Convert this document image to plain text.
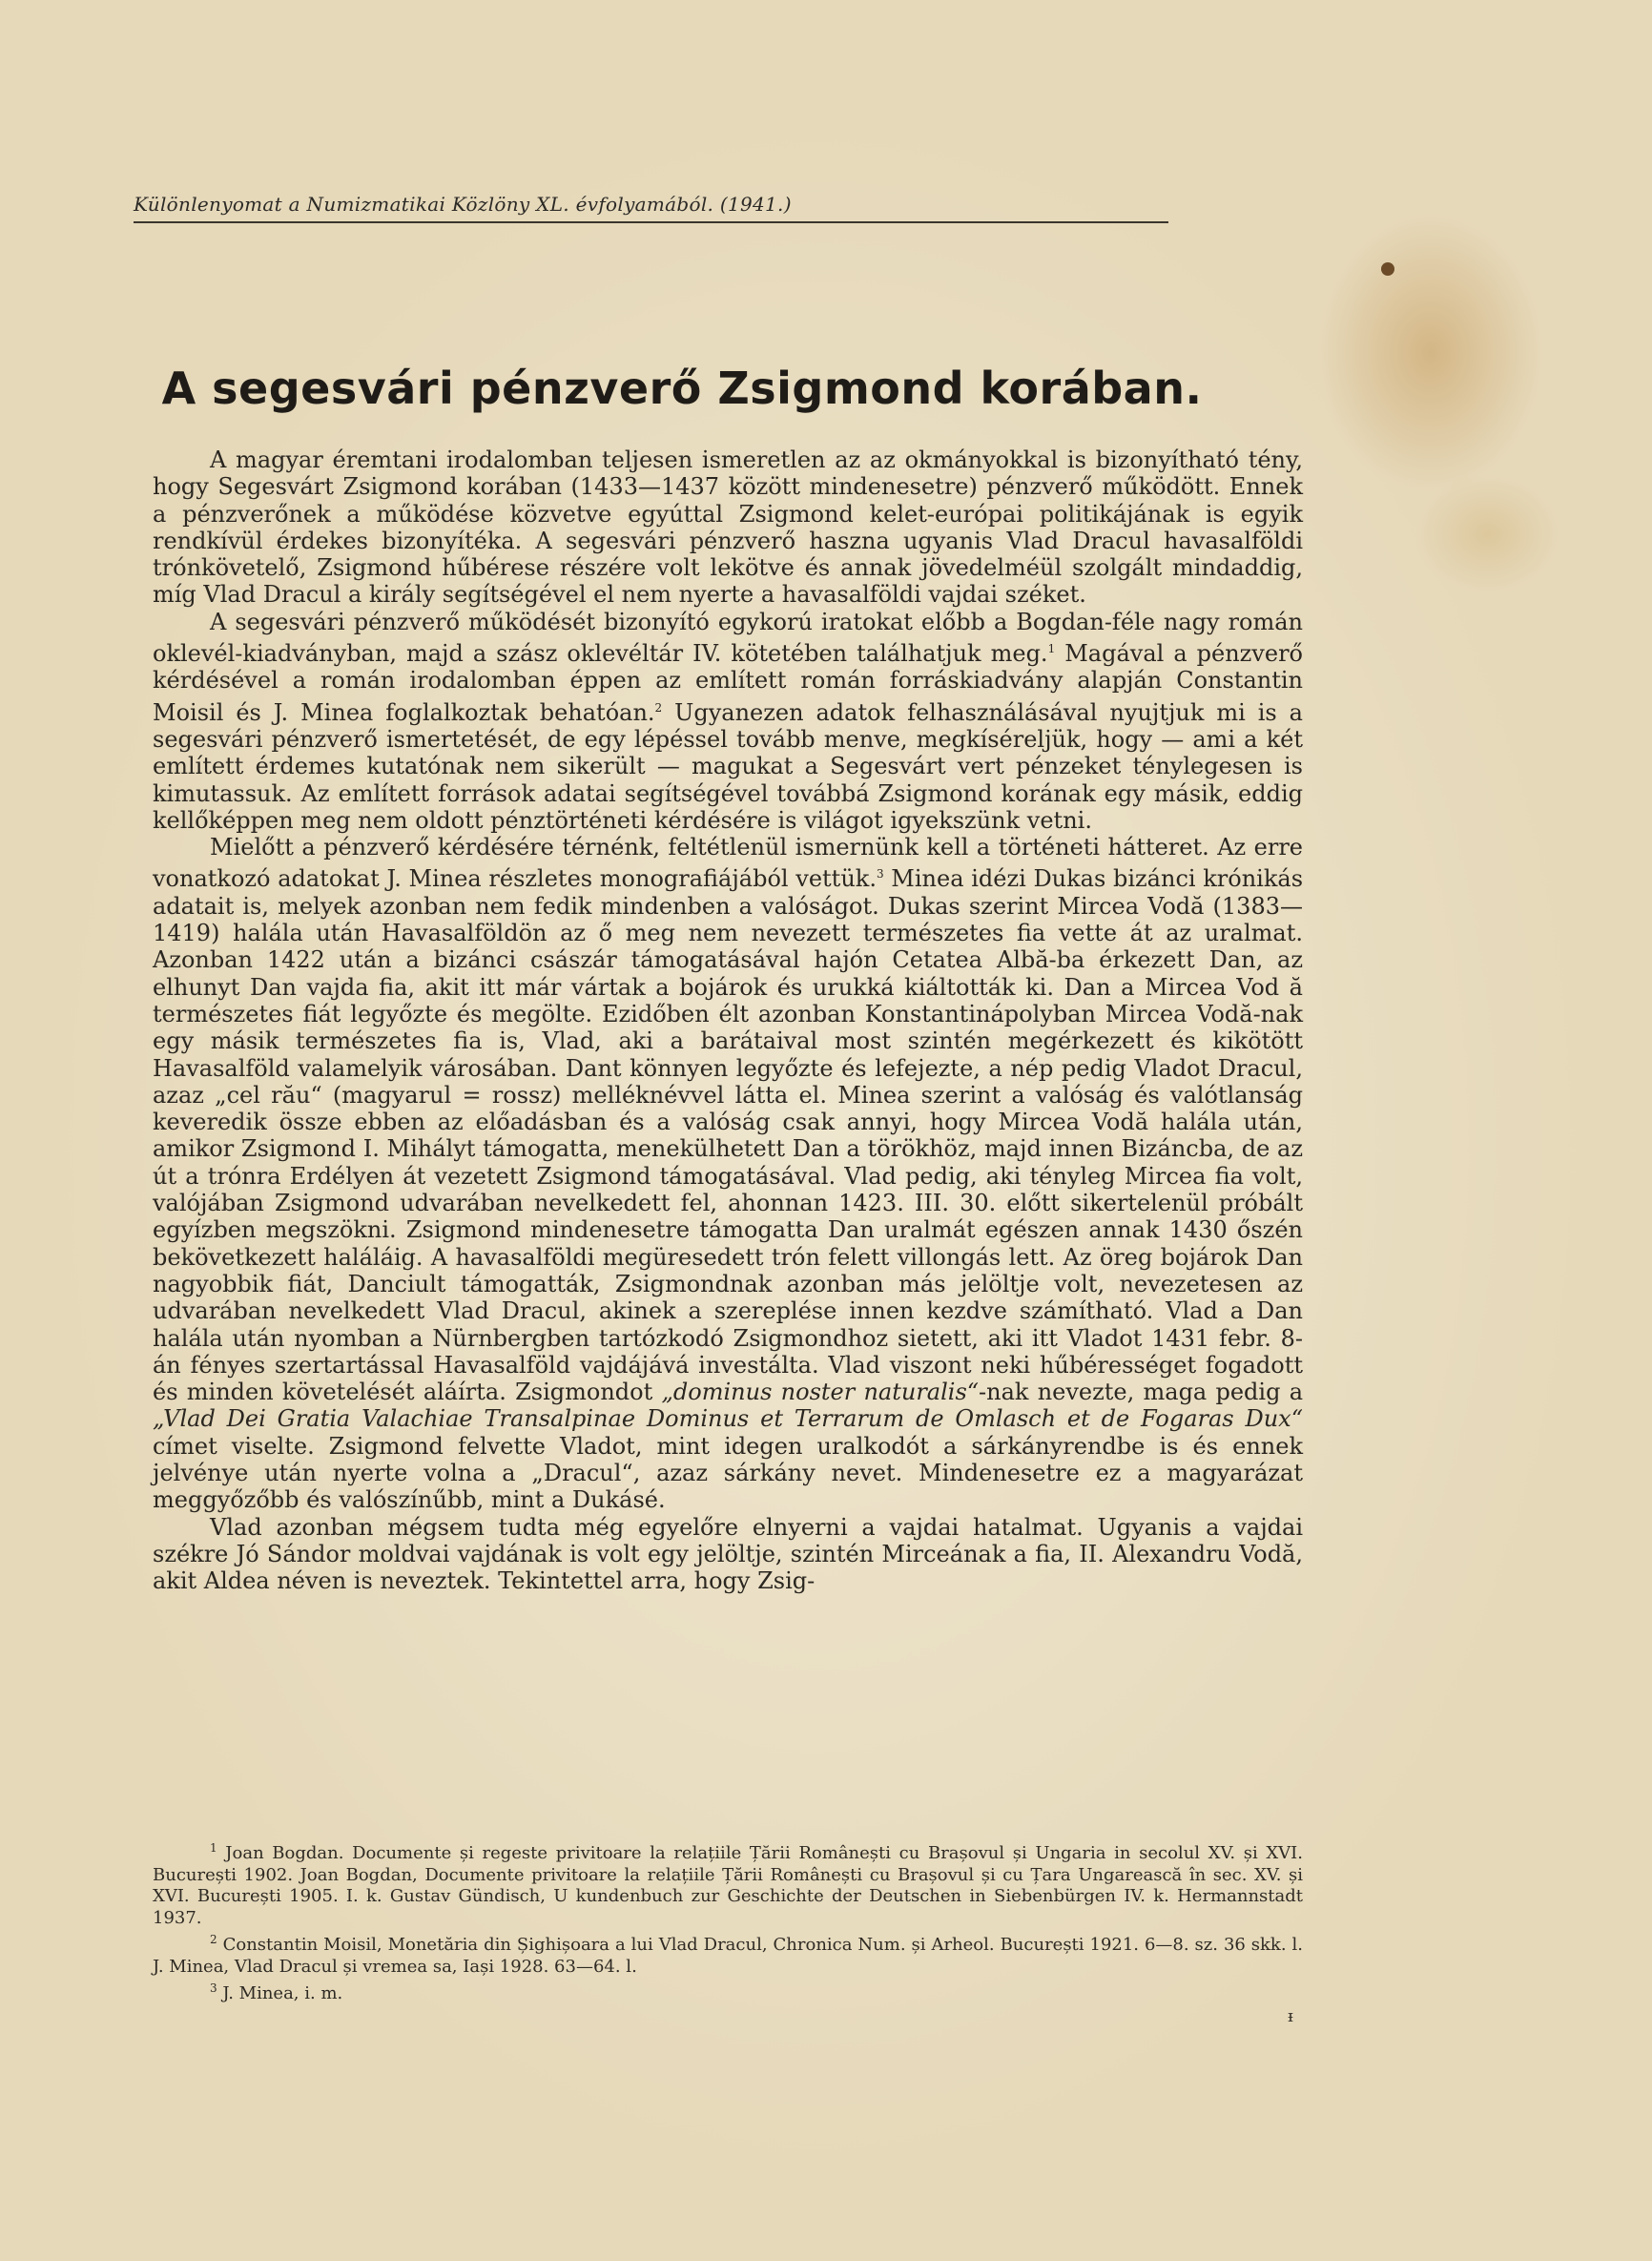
Különlenyomat a Numizmatikai Közlöny XL. évfolyamából. (1941.)
A segesvári pénzverő Zsigmond korában.

A magyar éremtani irodalomban teljesen ismeretlen az az okmányokkal is bizonyítható tény, hogy Segesvárt Zsigmond korában (1433—1437 között mindenesetre) pénzverő működött. Ennek a pénzverőnek a működése közvetve egyúttal Zsigmond kelet-európai politikájának is egyik rendkívül érdekes bizonyítéka. A segesvári pénzverő haszna ugyanis Vlad Dracul havasalföldi trónkövetelő, Zsigmond hűbérese részére volt lekötve és annak jövedelméül szolgált mindaddig, míg Vlad Dracul a király segítségével el nem nyerte a havasalföldi vajdai széket.

A segesvári pénzverő működését bizonyító egykorú iratokat előbb a Bogdan-féle nagy román oklevél-kiadványban, majd a szász oklevéltár IV. kötetében találhatjuk meg.$^1$ Magával a pénzverő kérdésével a román irodalomban éppen az említett román forráskiadvány alapján Constantin Moisil és J. Minea foglalkoztak behatóan.$^2$ Ugyanezen adatok felhasználásával nyujtjuk mi is a segesvári pénzverő ismertetését, de egy lépéssel tovább menve, megkíséreljük, hogy — ami a két említett érdemes kutatónak nem sikerült — magukat a Segesvárt vert pénzeket ténylegesen is kimutassuk. Az említett források adatai segítségével továbbá Zsigmond korának egy másik, eddig kellőképpen meg nem oldott pénztörténeti kérdésére is világot igyekszünk vetni.

Mielőtt a pénzverő kérdésére térnénk, feltétlenül ismernünk kell a történeti hátteret. Az erre vonatkozó adatokat J. Minea részletes monografiájából vettük.$^3$ Minea idézi Dukas bizánci krónikás adatait is, melyek azonban nem fedik mindenben a valóságot. Dukas szerint Mircea Vodă (1383—1419) halála után Havasalföldön az ő meg nem nevezett természetes fia vette át az uralmat. Azonban 1422 után a bizánci császár támogatásával hajón Cetatea Albă-ba érkezett Dan, az elhunyt Dan vajda fia, akit itt már vártak a bojárok és urukká kiáltották ki. Dan a Mircea Vod ă természetes fiát legyőzte és megölte. Ezidőben élt azonban Konstantinápolyban Mircea Vodă-nak egy másik természetes fia is, Vlad, aki a barátaival most szintén megérkezett és kikötött Havasalföld valamelyik városában. Dant könnyen legyőzte és lefejezte, a nép pedig Vladot Dracul, azaz „cel rău“ (magyarul = rossz) melléknévvel látta el. Minea szerint a valóság és valótlanság keveredik össze ebben az előadásban és a valóság csak annyi, hogy Mircea Vodă halála után, amikor Zsigmond I. Mihályt támogatta, menekülhetett Dan a törökhöz, majd innen Bizáncba, de az út a trónra Erdélyen át vezetett Zsigmond támogatásával. Vlad pedig, aki tényleg Mircea fia volt, valójában Zsigmond udvarában nevelkedett fel, ahonnan 1423. III. 30. előtt sikertelenül próbált egyízben megszökni. Zsigmond mindenesetre támogatta Dan uralmát egészen annak 1430 őszén bekövetkezett haláláig. A havasalföldi megüresedett trón felett villongás lett. Az öreg bojárok Dan nagyobbik fiát, Danciult támogatták, Zsigmondnak azonban más jelöltje volt, nevezetesen az udvarában nevelkedett Vlad Dracul, akinek a szereplése innen kezdve számítható. Vlad a Dan halála után nyomban a Nürnbergben tartózkodó Zsigmondhoz sietett, aki itt Vladot 1431 febr. 8-án fényes szertartással Havasalföld vajdájává investálta. Vlad viszont neki hűbérességet fogadott és minden követelését aláírta. Zsigmondot „dominus noster naturalis“-nak nevezte, maga pedig a „Vlad Dei Gratia Valachiae Transalpinae Dominus et Terrarum de Omlasch et de Fogaras Dux“ címet viselte. Zsigmond felvette Vladot, mint idegen uralkodót a sárkányrendbe is és ennek jelvénye után nyerte volna a „Dracul“, azaz sárkány nevet. Mindenesetre ez a magyarázat meggyőzőbb és valószínűbb, mint a Dukásé.

Vlad azonban mégsem tudta még egyelőre elnyerni a vajdai hatalmat. Ugyanis a vajdai székre Jó Sándor moldvai vajdának is volt egy jelöltje, szintén Mirceának a fia, II. Alexandru Vodă, akit Aldea néven is neveztek. Tekintettel arra, hogy Zsig-

$^1$ Joan Bogdan. Documente și regeste privitoare la relațiile Țării Românești cu Brașovul și Ungaria in secolul XV. și XVI. București 1902. Joan Bogdan, Documente privitoare la relațiile Țării Românești cu Brașovul și cu Țara Ungarească în sec. XV. și XVI. București 1905. I. k. Gustav Gündisch, U kundenbuch zur Geschichte der Deutschen in Siebenbürgen IV. k. Hermannstadt 1937.

$^2$ Constantin Moisil, Monetăria din Șighișoara a lui Vlad Dracul, Chronica Num. și Arheol. București 1921. 6—8. sz. 36 skk. l. J. Minea, Vlad Dracul și vremea sa, Iași 1928. 63—64. l.

$^3$ J. Minea, i. m.

ᵻ
